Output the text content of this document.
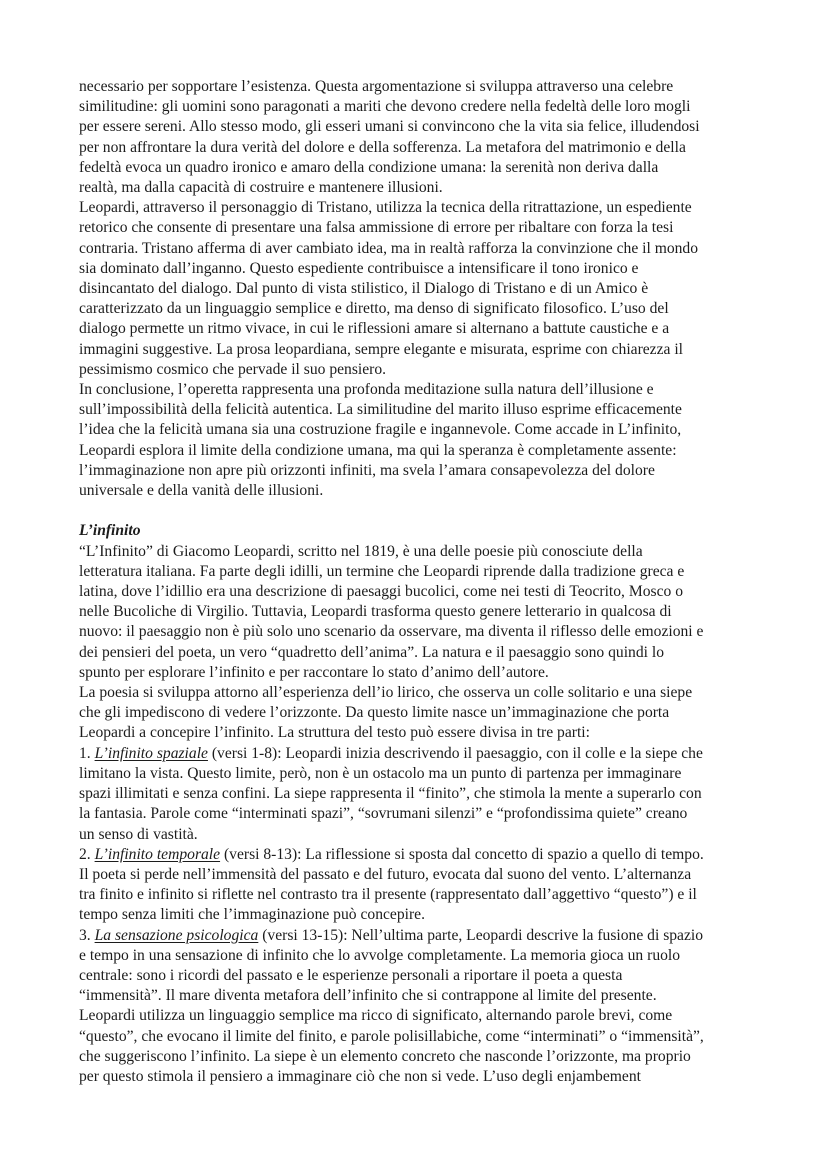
necessario per sopportare l’esistenza. Questa argomentazione si sviluppa attraverso una celebre
similitudine: gli uomini sono paragonati a mariti che devono credere nella fedeltà delle loro mogli
per essere sereni. Allo stesso modo, gli esseri umani si convincono che la vita sia felice, illudendosi
per non affrontare la dura verità del dolore e della sofferenza. La metafora del matrimonio e della
fedeltà evoca un quadro ironico e amaro della condizione umana: la serenità non deriva dalla
realtà, ma dalla capacità di costruire e mantenere illusioni.
Leopardi, attraverso il personaggio di Tristano, utilizza la tecnica della ritrattazione, un espediente
retorico che consente di presentare una falsa ammissione di errore per ribaltare con forza la tesi
contraria. Tristano afferma di aver cambiato idea, ma in realtà rafforza la convinzione che il mondo
sia dominato dall’inganno. Questo espediente contribuisce a intensificare il tono ironico e
disincantato del dialogo. Dal punto di vista stilistico, il Dialogo di Tristano e di un Amico è
caratterizzato da un linguaggio semplice e diretto, ma denso di significato filosofico. L’uso del
dialogo permette un ritmo vivace, in cui le riflessioni amare si alternano a battute caustiche e a
immagini suggestive. La prosa leopardiana, sempre elegante e misurata, esprime con chiarezza il
pessimismo cosmico che pervade il suo pensiero.
In conclusione, l’operetta rappresenta una profonda meditazione sulla natura dell’illusione e
sull’impossibilità della felicità autentica. La similitudine del marito illuso esprime efficacemente
l’idea che la felicità umana sia una costruzione fragile e ingannevole. Come accade in L’infinito,
Leopardi esplora il limite della condizione umana, ma qui la speranza è completamente assente:
l’immaginazione non apre più orizzonti infiniti, ma svela l’amara consapevolezza del dolore
universale e della vanità delle illusioni.
L’infinito
“L’Infinito” di Giacomo Leopardi, scritto nel 1819, è una delle poesie più conosciute della
letteratura italiana. Fa parte degli idilli, un termine che Leopardi riprende dalla tradizione greca e
latina, dove l’idillio era una descrizione di paesaggi bucolici, come nei testi di Teocrito, Mosco o
nelle Bucoliche di Virgilio. Tuttavia, Leopardi trasforma questo genere letterario in qualcosa di
nuovo: il paesaggio non è più solo uno scenario da osservare, ma diventa il riflesso delle emozioni e
dei pensieri del poeta, un vero “quadretto dell’anima”. La natura e il paesaggio sono quindi lo
spunto per esplorare l’infinito e per raccontare lo stato d’animo dell’autore.
La poesia si sviluppa attorno all’esperienza dell’io lirico, che osserva un colle solitario e una siepe
che gli impediscono di vedere l’orizzonte. Da questo limite nasce un’immaginazione che porta
Leopardi a concepire l’infinito. La struttura del testo può essere divisa in tre parti:
1. L’infinito spaziale (versi 1-8): Leopardi inizia descrivendo il paesaggio, con il colle e la siepe che
limitano la vista. Questo limite, però, non è un ostacolo ma un punto di partenza per immaginare
spazi illimitati e senza confini. La siepe rappresenta il “finito”, che stimola la mente a superarlo con
la fantasia. Parole come “interminati spazi”, “sovrumani silenzi” e “profondissima quiete” creano
un senso di vastità.
2. L’infinito temporale (versi 8-13): La riflessione si sposta dal concetto di spazio a quello di tempo.
Il poeta si perde nell’immensità del passato e del futuro, evocata dal suono del vento. L’alternanza
tra finito e infinito si riflette nel contrasto tra il presente (rappresentato dall’aggettivo “questo”) e il
tempo senza limiti che l’immaginazione può concepire.
3. La sensazione psicologica (versi 13-15): Nell’ultima parte, Leopardi descrive la fusione di spazio
e tempo in una sensazione di infinito che lo avvolge completamente. La memoria gioca un ruolo
centrale: sono i ricordi del passato e le esperienze personali a riportare il poeta a questa
“immensità”. Il mare diventa metafora dell’infinito che si contrappone al limite del presente.
Leopardi utilizza un linguaggio semplice ma ricco di significato, alternando parole brevi, come
“questo”, che evocano il limite del finito, e parole polisillabiche, come “interminati” o “immensità”,
che suggeriscono l’infinito. La siepe è un elemento concreto che nasconde l’orizzonte, ma proprio
per questo stimola il pensiero a immaginare ciò che non si vede. L’uso degli enjambement
